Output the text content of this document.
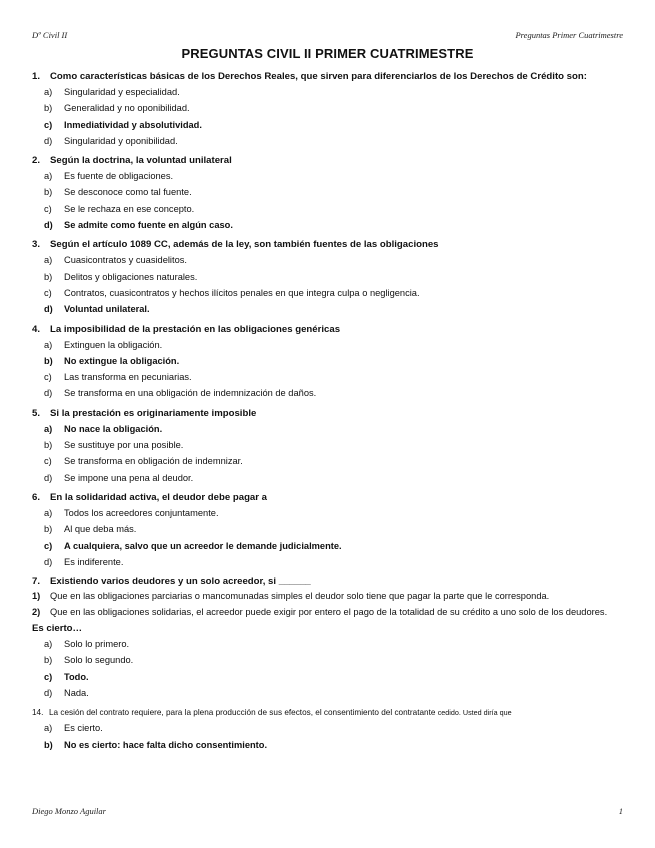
Dº Civil II	Preguntas Primer Cuatrimestre
PREGUNTAS CIVIL II PRIMER CUATRIMESTRE
1.	Como características básicas de los Derechos Reales, que sirven para diferenciarlos de los Derechos de Crédito son:
a)	Singularidad y especialidad.
b)	Generalidad y no oponibilidad.
c)	Inmediatividad y absolutividad.
d)	Singularidad y oponibilidad.
2.	Según la doctrina, la voluntad unilateral
a)	Es fuente de obligaciones.
b)	Se desconoce como tal fuente.
c)	Se le rechaza en ese concepto.
d)	Se admite como fuente en algún caso.
3.	Según el artículo 1089 CC, además de la ley, son también fuentes de las obligaciones
a)	Cuasicontratos y cuasidelitos.
b)	Delitos y obligaciones naturales.
c)	Contratos, cuasicontratos y hechos ilícitos penales en que integra culpa o negligencia.
d)	Voluntad unilateral.
4.	La imposibilidad de la prestación en las obligaciones genéricas
a)	Extinguen la obligación.
b)	No extingue la obligación.
c)	Las transforma en pecuniarias.
d)	Se transforma en una obligación de indemnización de daños.
5.	Si la prestación es originariamente imposible
a)	No nace la obligación.
b)	Se sustituye por una posible.
c)	Se transforma en obligación de indemnizar.
d)	Se impone una pena al deudor.
6.	En la solidaridad activa, el deudor debe pagar a
a)	Todos los acreedores conjuntamente.
b)	Al que deba más.
c)	A cualquiera, salvo que un acreedor le demande judicialmente.
d)	Es indiferente.
7.	Existiendo varios deudores y un solo acreedor, si ______
1)	Que en las obligaciones parciarias o mancomunadas simples el deudor solo tiene que pagar la parte que le corresponda.
2)	Que en las obligaciones solidarias, el acreedor puede exigir por entero el pago de la totalidad de su crédito a uno solo de los deudores.
Es cierto…
a)	Solo lo primero.
b)	Solo lo segundo.
c)	Todo.
d)	Nada.
14. La cesión del contrato requiere, para la plena producción de sus efectos, el consentimiento del contratante cedido. Usted diría que
a)	Es cierto.
b)	No es cierto: hace falta dicho consentimiento.
Diego Monzo Aguilar	1
